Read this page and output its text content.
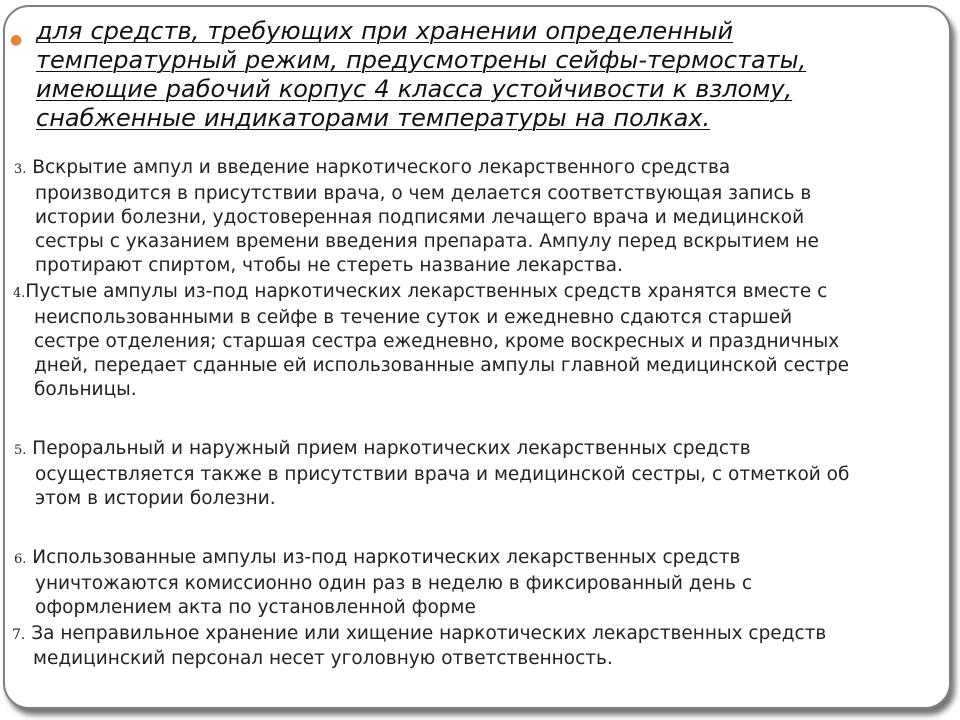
● для средств, требующих при хранении определенный
температурный режим, предусмотрены сейфы-термостаты,
имеющие рабочий корпус 4 класса устойчивости к взлому,
снабженные индикаторами температуры на полках.
3. Вскрытие ампул и введение наркотического лекарственного средства
производится в присутствии врача, о чем делается соответствующая запись в
истории болезни, удостоверенная подписями лечащего врача и медицинской
сестры с указанием времени введения препарата. Ампулу перед вскрытием не
протирают спиртом, чтобы не стереть название лекарства.
4.Пустые ампулы из-под наркотических лекарственных средств хранятся вместе с
неиспользованными в сейфе в течение суток и ежедневно сдаются старшей
сестре отделения; старшая сестра ежедневно, кроме воскресных и праздничных
дней, передает сданные ей использованные ампулы главной медицинской сестре
больницы.
5. Пероральный и наружный прием наркотических лекарственных средств
осуществляется также в присутствии врача и медицинской сестры, с отметкой об
этом в истории болезни.
6. Использованные ампулы из-под наркотических лекарственных средств
уничтожаются комиссионно один раз в неделю в фиксированный день с
оформлением акта по установленной форме
7. За неправильное хранение или хищение наркотических лекарственных средств
медицинский персонал несет уголовную ответственность.
